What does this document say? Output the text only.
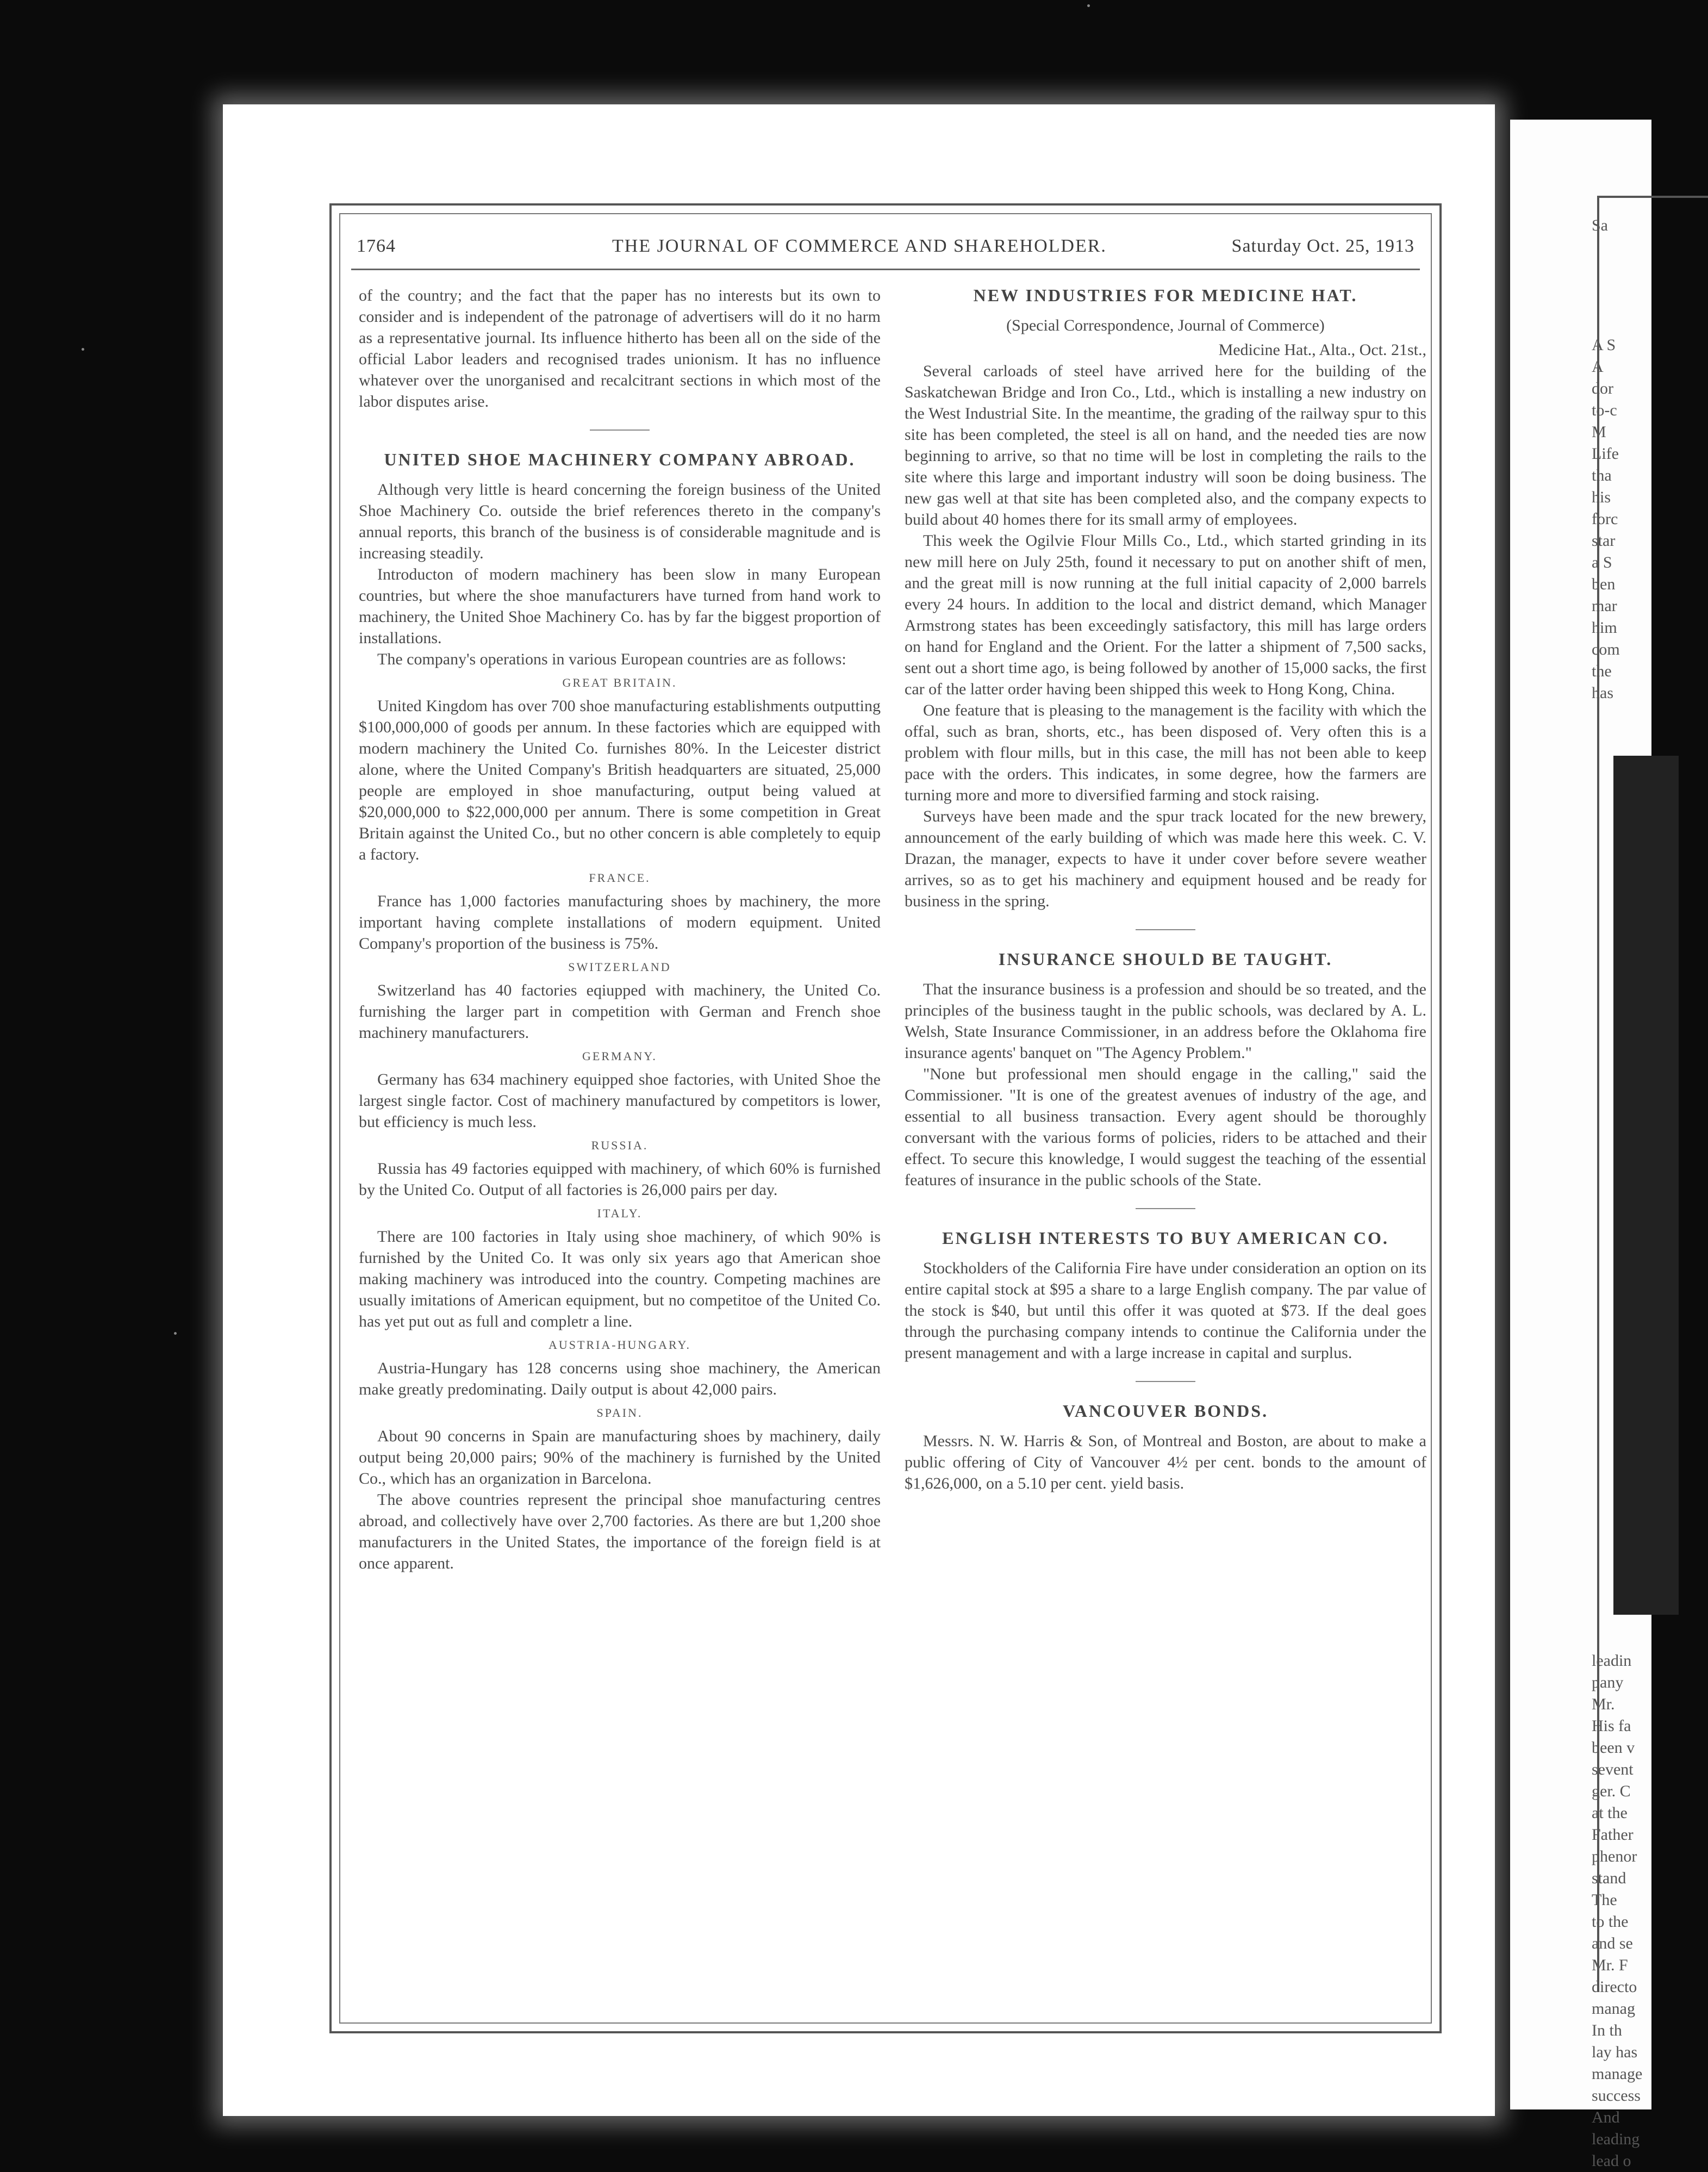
1764	THE JOURNAL OF COMMERCE AND SHAREHOLDER.	Saturday Oct. 25, 1913

of the country; and the fact that the paper has no interests but its own to consider and is independent of the patronage of advertisers will do it no harm as a representative journal. Its influence hitherto has been all on the side of the official Labor leaders and recognised trades unionism. It has no influence whatever over the unorganised and recalcitrant sections in which most of the labor disputes arise.

UNITED SHOE MACHINERY COMPANY ABROAD.

Although very little is heard concerning the foreign business of the United Shoe Machinery Co. outside the brief references thereto in the company's annual reports, this branch of the business is of considerable magnitude and is increasing steadily.

Introducton of modern machinery has been slow in many European countries, but where the shoe manufacturers have turned from hand work to machinery, the United Shoe Machinery Co. has by far the biggest proportion of installations.

The company's operations in various European countries are as follows:

GREAT BRITAIN.

United Kingdom has over 700 shoe manufacturing establishments outputting $100,000,000 of goods per annum. In these factories which are equipped with modern machinery the United Co. furnishes 80%. In the Leicester district alone, where the United Company's British headquarters are situated, 25,000 people are employed in shoe manufacturing, output being valued at $20,000,000 to $22,000,000 per annum. There is some competition in Great Britain against the United Co., but no other concern is able completely to equip a factory.

FRANCE.

France has 1,000 factories manufacturing shoes by machinery, the more important having complete installations of modern equipment. United Company's proportion of the business is 75%.

SWITZERLAND

Switzerland has 40 factories eqiupped with machinery, the United Co. furnishing the larger part in competition with German and French shoe machinery manufacturers.

GERMANY.

Germany has 634 machinery equipped shoe factories, with United Shoe the largest single factor. Cost of machinery manufactured by competitors is lower, but efficiency is much less.

RUSSIA.

Russia has 49 factories equipped with machinery, of which 60% is furnished by the United Co. Output of all factories is 26,000 pairs per day.

ITALY.

There are 100 factories in Italy using shoe machinery, of which 90% is furnished by the United Co. It was only six years ago that American shoe making machinery was introduced into the country. Competing machines are usually imitations of American equipment, but no competitoe of the United Co. has yet put out as full and completr a line.

AUSTRIA-HUNGARY.

Austria-Hungary has 128 concerns using shoe machinery, the American make greatly predominating. Daily output is about 42,000 pairs.

SPAIN.

About 90 concerns in Spain are manufacturing shoes by machinery, daily output being 20,000 pairs; 90% of the machinery is furnished by the United Co., which has an organization in Barcelona.

The above countries represent the principal shoe manufacturing centres abroad, and collectively have over 2,700 factories. As there are but 1,200 shoe manufacturers in the United States, the importance of the foreign field is at once apparent.

NEW INDUSTRIES FOR MEDICINE HAT.
(Special Correspondence, Journal of Commerce)
Medicine Hat., Alta., Oct. 21st.,

Several carloads of steel have arrived here for the building of the Saskatchewan Bridge and Iron Co., Ltd., which is installing a new industry on the West Industrial Site. In the meantime, the grading of the railway spur to this site has been completed, the steel is all on hand, and the needed ties are now beginning to arrive, so that no time will be lost in completing the rails to the site where this large and important industry will soon be doing business. The new gas well at that site has been completed also, and the company expects to build about 40 homes there for its small army of employees.

This week the Ogilvie Flour Mills Co., Ltd., which started grinding in its new mill here on July 25th, found it necessary to put on another shift of men, and the great mill is now running at the full initial capacity of 2,000 barrels every 24 hours. In addition to the local and district demand, which Manager Armstrong states has been exceedingly satisfactory, this mill has large orders on hand for England and the Orient. For the latter a shipment of 7,500 sacks, sent out a short time ago, is being followed by another of 15,000 sacks, the first car of the latter order having been shipped this week to Hong Kong, China.

One feature that is pleasing to the management is the facility with which the offal, such as bran, shorts, etc., has been disposed of. Very often this is a problem with flour mills, but in this case, the mill has not been able to keep pace with the orders. This indicates, in some degree, how the farmers are turning more and more to diversified farming and stock raising.

Surveys have been made and the spur track located for the new brewery, announcement of the early building of which was made here this week. C. V. Drazan, the manager, expects to have it under cover before severe weather arrives, so as to get his machinery and equipment housed and be ready for business in the spring.

INSURANCE SHOULD BE TAUGHT.

That the insurance business is a profession and should be so treated, and the principles of the business taught in the public schools, was declared by A. L. Welsh, State Insurance Commissioner, in an address before the Oklahoma fire insurance agents' banquet on "The Agency Problem."

"None but professional men should engage in the calling," said the Commissioner. "It is one of the greatest avenues of industry of the age, and essential to all business transaction. Every agent should be thoroughly conversant with the various forms of policies, riders to be attached and their effect. To secure this knowledge, I would suggest the teaching of the essential features of insurance in the public schools of the State.

ENGLISH INTERESTS TO BUY AMERICAN CO.

Stockholders of the California Fire have under consideration an option on its entire capital stock at $95 a share to a large English company. The par value of the stock is $40, but until this offer it was quoted at $73. If the deal goes through the purchasing company intends to continue the California under the present management and with a large increase in capital and surplus.

VANCOUVER BONDS.

Messrs. N. W. Harris & Son, of Montreal and Boston, are about to make a public offering of City of Vancouver 4½ per cent. bonds to the amount of $1,626,000, on a 5.10 per cent. yield basis.

Sa
A S
A
dor
to-c
M
Life
tha
his
forc
star
a S
ben
mar
him
com
the
has
leadin
pany
Mr.
His fa
been v
sevent
ger. C
at the
Father
phenor
stand
The
to the
and se
Mr. F
directo
manag
In th
lay has
manage
success
And
leading
lead o
